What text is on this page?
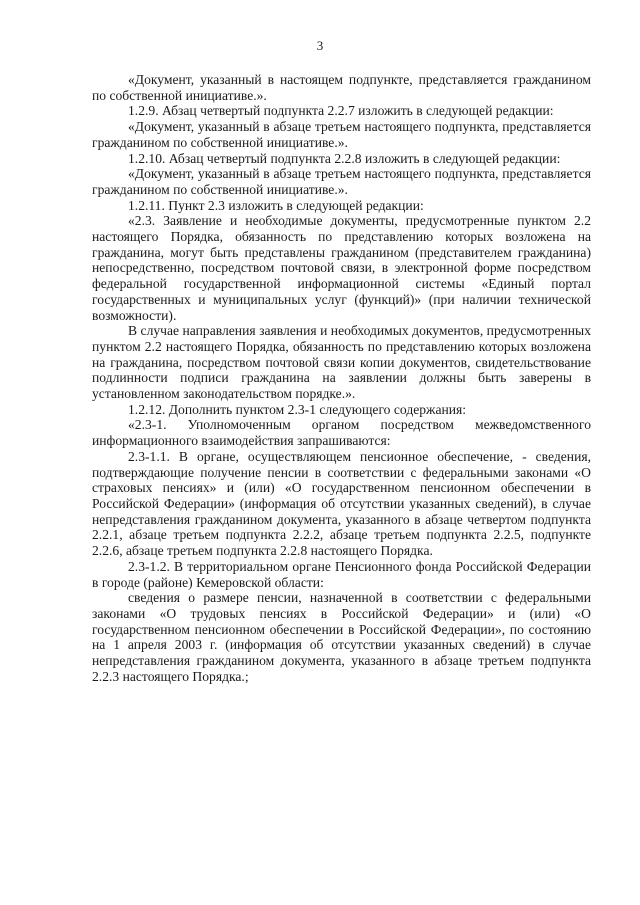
3

«Документ, указанный в настоящем подпункте, представляется гражданином по собственной инициативе.».

1.2.9. Абзац четвертый подпункта 2.2.7 изложить в следующей редакции:

«Документ, указанный в абзаце третьем настоящего подпункта, представляется гражданином по собственной инициативе.».

1.2.10. Абзац четвертый подпункта 2.2.8 изложить в следующей редакции:

«Документ, указанный в абзаце третьем настоящего подпункта, представляется гражданином по собственной инициативе.».

1.2.11. Пункт 2.3 изложить в следующей редакции:

«2.3. Заявление и необходимые документы, предусмотренные пунктом 2.2 настоящего Порядка, обязанность по представлению которых возложена на гражданина, могут быть представлены гражданином (представителем гражданина) непосредственно, посредством почтовой связи, в электронной форме посредством федеральной государственной информационной системы «Единый портал государственных и муниципальных услуг (функций)» (при наличии технической возможности).

В случае направления заявления и необходимых документов, предусмотренных пунктом 2.2 настоящего Порядка, обязанность по представлению которых возложена на гражданина, посредством почтовой связи копии документов, свидетельствование подлинности подписи гражданина на заявлении должны быть заверены в установленном законодательством порядке.».

1.2.12. Дополнить пунктом 2.3-1 следующего содержания:

«2.3-1. Уполномоченным органом посредством межведомственного информационного взаимодействия запрашиваются:

2.3-1.1. В органе, осуществляющем пенсионное обеспечение, - сведения, подтверждающие получение пенсии в соответствии с федеральными законами «О страховых пенсиях» и (или) «О государственном пенсионном обеспечении в Российской Федерации» (информация об отсутствии указанных сведений), в случае непредставления гражданином документа, указанного в абзаце четвертом подпункта 2.2.1, абзаце третьем подпункта 2.2.2, абзаце третьем подпункта 2.2.5, подпункте 2.2.6, абзаце третьем подпункта 2.2.8 настоящего Порядка.

2.3-1.2. В территориальном органе Пенсионного фонда Российской Федерации в городе (районе) Кемеровской области:

сведения о размере пенсии, назначенной в соответствии с федеральными законами «О трудовых пенсиях в Российской Федерации» и (или) «О государственном пенсионном обеспечении в Российской Федерации», по состоянию на 1 апреля 2003 г. (информация об отсутствии указанных сведений) в случае непредставления гражданином документа, указанного в абзаце третьем подпункта 2.2.3 настоящего Порядка.;
